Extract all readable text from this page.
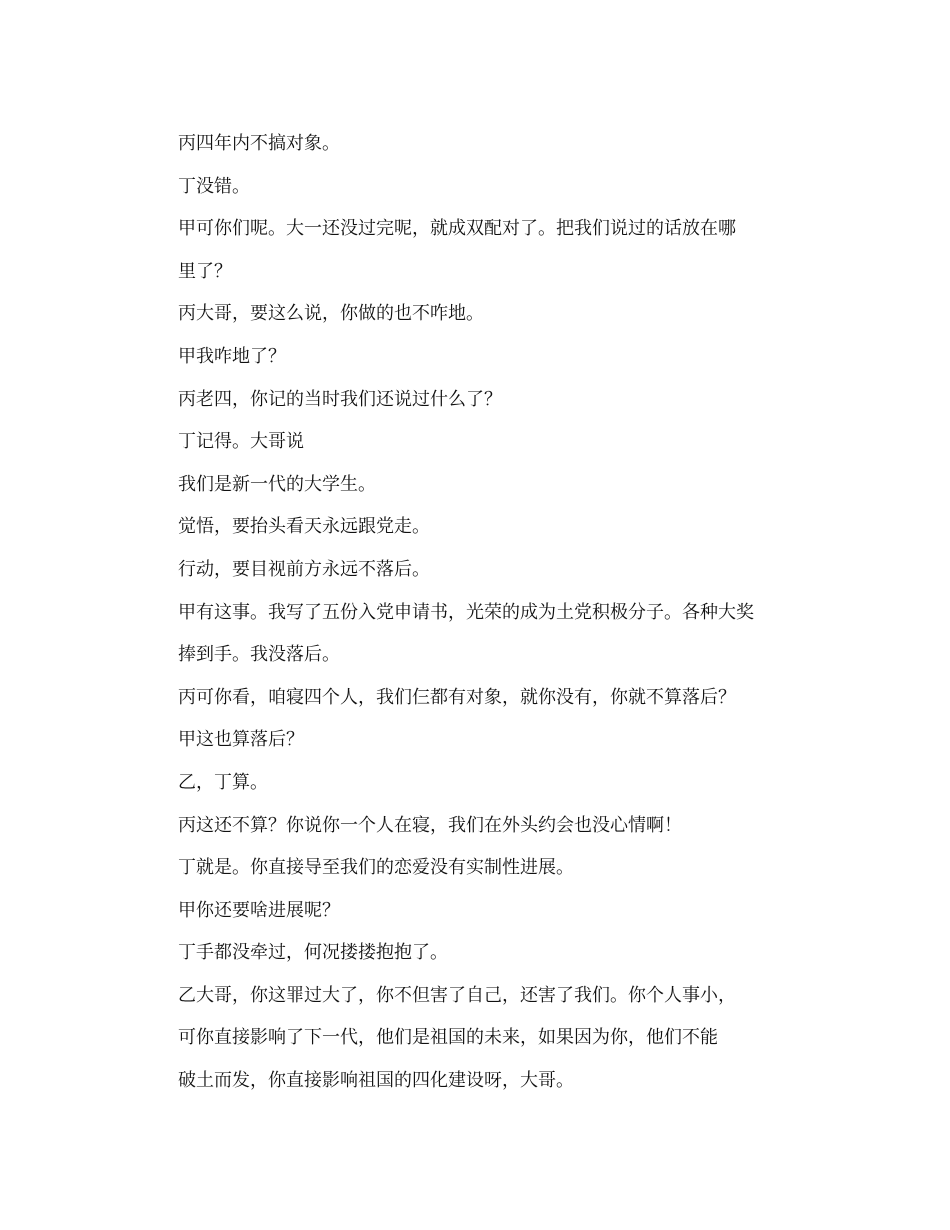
丙四年内不搞对象。
丁没错。
甲可你们呢。大一还没过完呢，就成双配对了。把我们说过的话放在哪
里了？
丙大哥，要这么说，你做的也不咋地。
甲我咋地了？
丙老四，你记的当时我们还说过什么了？
丁记得。大哥说
我们是新一代的大学生。
觉悟，要抬头看天永远跟党走。
行动，要目视前方永远不落后。
甲有这事。我写了五份入党申请书，光荣的成为土党积极分子。各种大奖
捧到手。我没落后。
丙可你看，咱寝四个人，我们仨都有对象，就你没有，你就不算落后？
甲这也算落后？
乙，丁算。
丙这还不算？你说你一个人在寝，我们在外头约会也没心情啊！
丁就是。你直接导至我们的恋爱没有实制性进展。
甲你还要啥进展呢？
丁手都没牵过，何况搂搂抱抱了。
乙大哥，你这罪过大了，你不但害了自己，还害了我们。你个人事小，
可你直接影响了下一代，他们是祖国的未来，如果因为你，他们不能
破土而发，你直接影响祖国的四化建设呀，大哥。
